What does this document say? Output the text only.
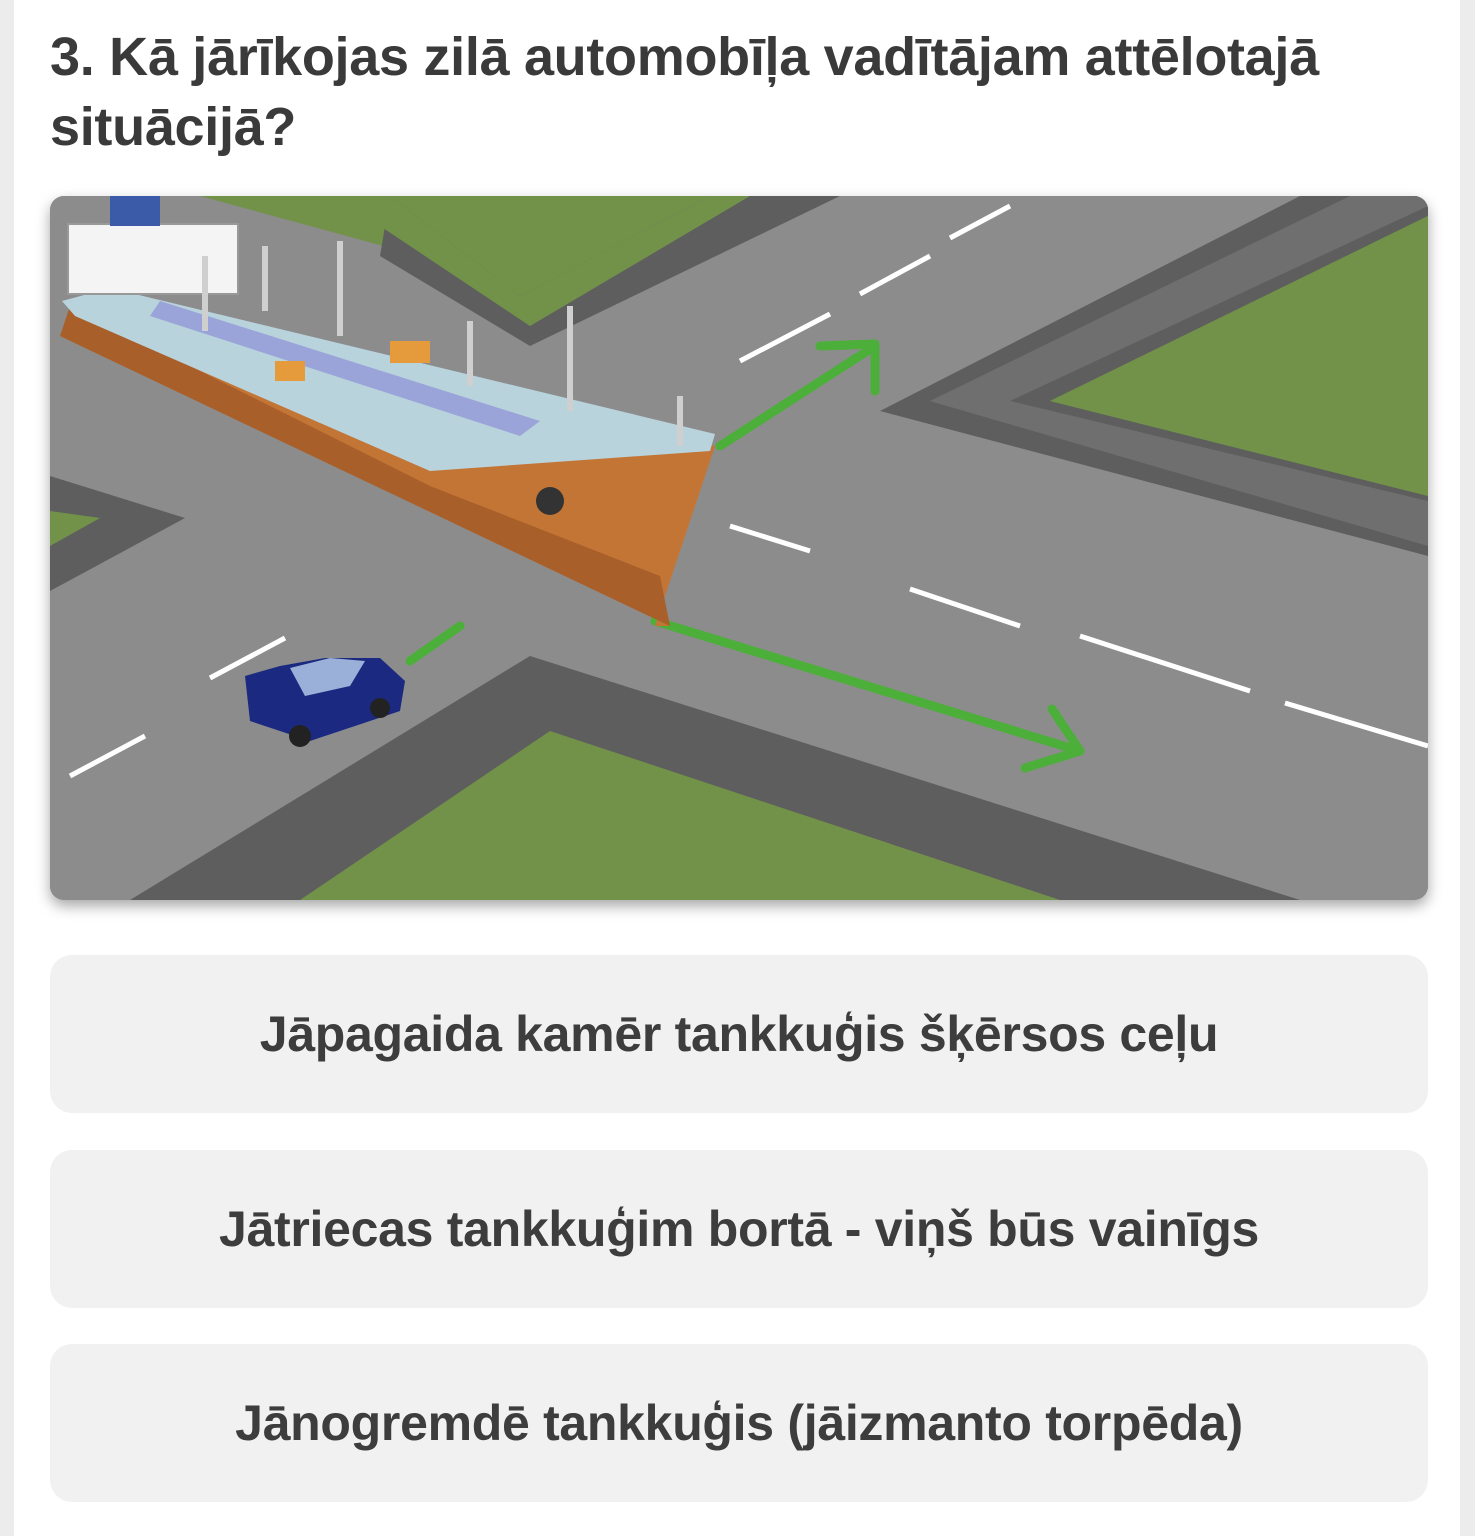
3. Kā jārīkojas zilā automobīļa vadītājam attēlotajā situācijā?
Jāpagaida kamēr tankkuģis šķērsos ceļu
Jātriecas tankkuģim bortā - viņš būs vainīgs
Jānogremdē tankkuģis (jāizmanto torpēda)
